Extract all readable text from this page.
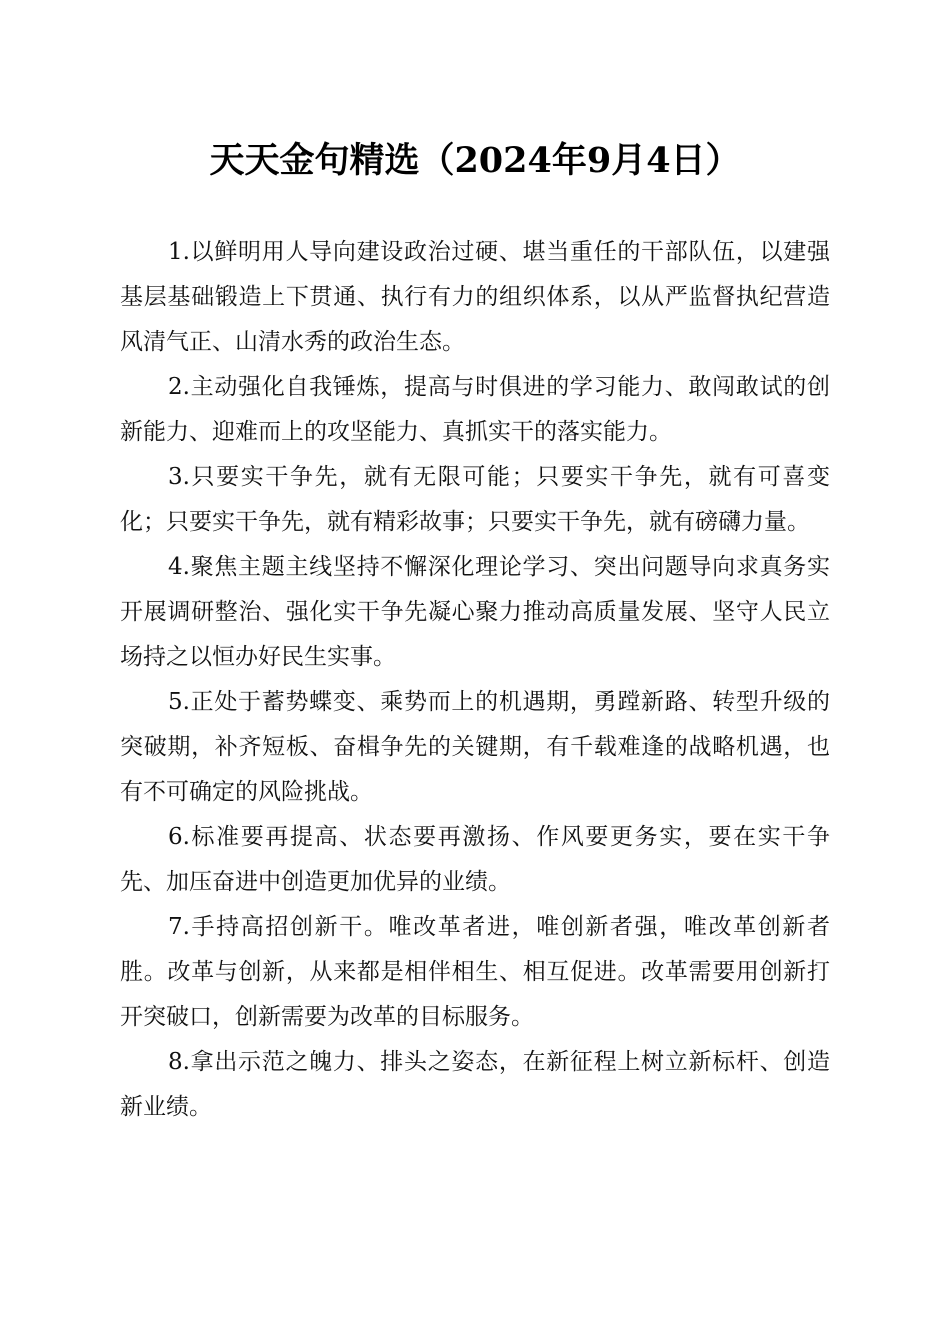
天天金句精选（2024年9月4日）

1.以鲜明用人导向建设政治过硬、堪当重任的干部队伍，以建强基层基础锻造上下贯通、执行有力的组织体系，以从严监督执纪营造风清气正、山清水秀的政治生态。

2.主动强化自我锤炼，提高与时俱进的学习能力、敢闯敢试的创新能力、迎难而上的攻坚能力、真抓实干的落实能力。

3.只要实干争先，就有无限可能；只要实干争先，就有可喜变化；只要实干争先，就有精彩故事；只要实干争先，就有磅礴力量。

4.聚焦主题主线坚持不懈深化理论学习、突出问题导向求真务实开展调研整治、强化实干争先凝心聚力推动高质量发展、坚守人民立场持之以恒办好民生实事。

5.正处于蓄势蝶变、乘势而上的机遇期，勇蹚新路、转型升级的突破期，补齐短板、奋楫争先的关键期，有千载难逢的战略机遇，也有不可确定的风险挑战。

6.标准要再提高、状态要再激扬、作风要更务实，要在实干争先、加压奋进中创造更加优异的业绩。

7.手持高招创新干。唯改革者进，唯创新者强，唯改革创新者胜。改革与创新，从来都是相伴相生、相互促进。改革需要用创新打开突破口，创新需要为改革的目标服务。

8.拿出示范之魄力、排头之姿态，在新征程上树立新标杆、创造新业绩。
